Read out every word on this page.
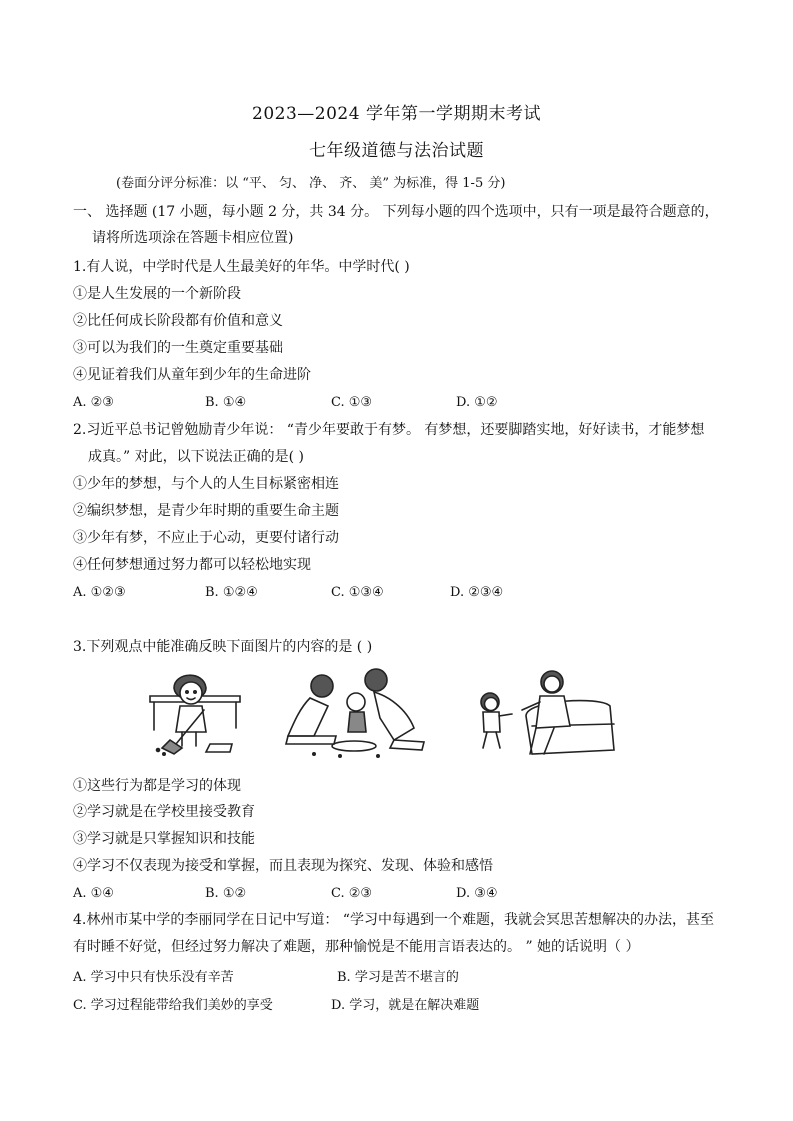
2023—2024 学年第一学期期末考试
七年级道德与法治试题
(卷面分评分标准：以 “平、 匀、 净、 齐、 美” 为标准，得 1-5 分)
一、 选择题 (17 小题，每小题 2 分，共 34 分。 下列每小题的四个选项中，只有一项是最符合题意的，
请将所选项涂在答题卡相应位置)
1.有人说，中学时代是人生最美好的年华。中学时代( )
①是人生发展的一个新阶段
②比任何成长阶段都有价值和意义
③可以为我们的一生奠定重要基础
④见证着我们从童年到少年的生命进阶
A. ②③	B. ①④	C. ①③	D. ①②
2.习近平总书记曾勉励青少年说： “青少年要敢于有梦。 有梦想，还要脚踏实地，好好读书，才能梦想
成真。” 对此，以下说法正确的是( )
①少年的梦想，与个人的人生目标紧密相连
②编织梦想，是青少年时期的重要生命主题
③少年有梦，不应止于心动，更要付诸行动
④任何梦想通过努力都可以轻松地实现
A. ①②③	B. ①②④	C. ①③④	D. ②③④
3.下列观点中能准确反映下面图片的内容的是 ( )
①这些行为都是学习的体现
②学习就是在学校里接受教育
③学习就是只掌握知识和技能
④学习不仅表现为接受和掌握，而且表现为探究、发现、体验和感悟
A. ①④	B. ①②	C. ②③	D. ③④
4.林州市某中学的李丽同学在日记中写道： “学习中每遇到一个难题，我就会冥思苦想解决的办法，甚至
有时睡不好觉，但经过努力解决了难题，那种愉悦是不能用言语表达的。 ” 她的话说明（ ）
A. 学习中只有快乐没有辛苦	B. 学习是苦不堪言的
C. 学习过程能带给我们美妙的享受	D. 学习，就是在解决难题
